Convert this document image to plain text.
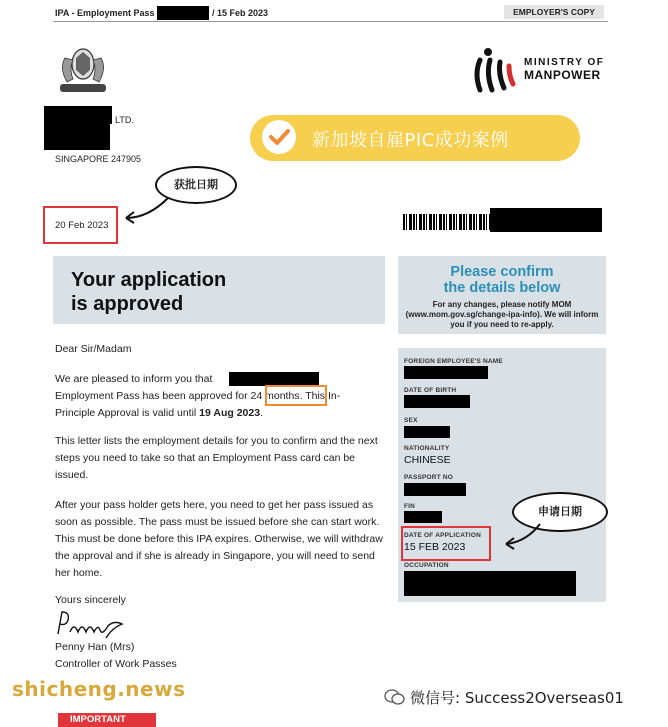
IPA - Employment Pass	/ 15 Feb 2023	EMPLOYER'S COPY
MAJULAH SINGAPURA
MINISTRY OF
MANPOWER
LTD.
SINGAPORE 247905
新加坡自雇PIC成功案例
获批日期
20 Feb 2023
Your application
is approved
Please confirm
the details below
For any changes, please notify MOM (www.mom.gov.sg/change-ipa-info). We will inform you if you need to re-apply.
Dear Sir/Madam
We are pleased to inform you that
Employment Pass has been approved for 24 months. This In-
Principle Approval is valid until 19 Aug 2023.
This letter lists the employment details for you to confirm and the next steps you need to take so that an Employment Pass card can be issued.
After your pass holder gets here, you need to get her pass issued as soon as possible. The pass must be issued before she can start work. This must be done before this IPA expires. Otherwise, we will withdraw the approval and if she is already in Singapore, you will need to send her home.
Yours sincerely
Penny Han (Mrs)
Controller of Work Passes
FOREIGN EMPLOYEE'S NAME
DATE OF BIRTH
SEX
NATIONALITY
CHINESE
PASSPORT NO
FIN
DATE OF APPLICATION
15 FEB 2023
OCCUPATION
申请日期
shicheng.news	微信号: Success2Overseas01
IMPORTANT
